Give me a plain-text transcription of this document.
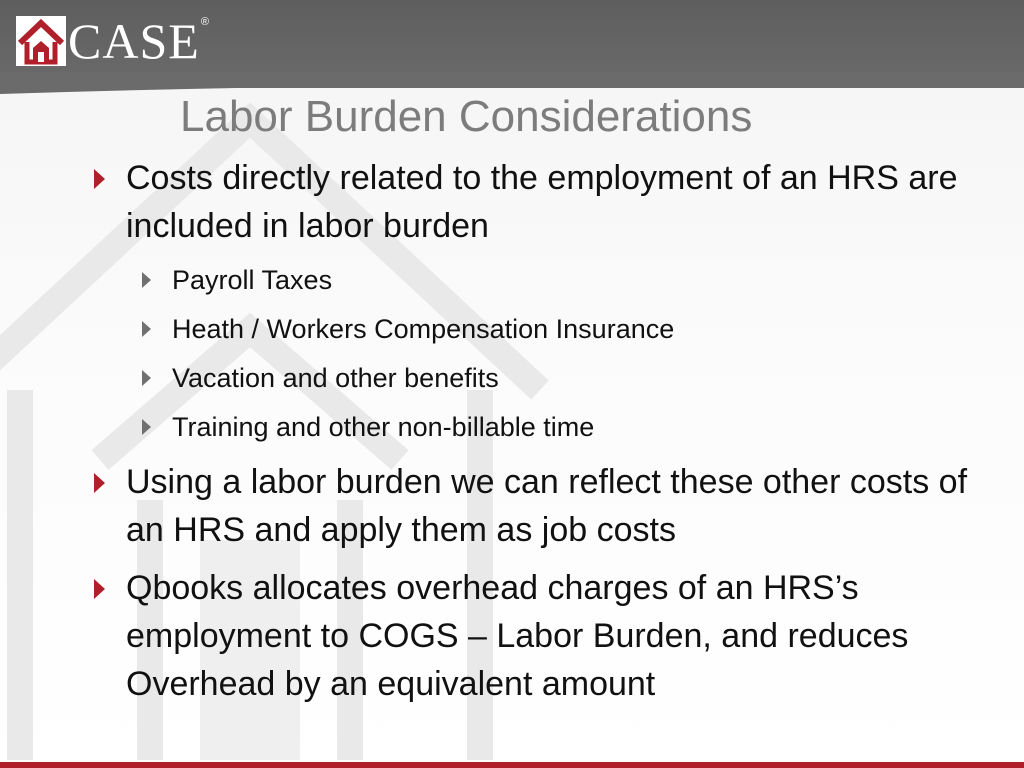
CASE ®
Labor Burden Considerations
Costs directly related to the employment of an HRS are included in labor burden
Payroll Taxes
Heath / Workers Compensation Insurance
Vacation and other benefits
Training and other non-billable time
Using a labor burden we can reflect these other costs of an HRS and apply them as job costs
Qbooks allocates overhead charges of an HRS’s employment to COGS – Labor Burden, and reduces Overhead by an equivalent amount
